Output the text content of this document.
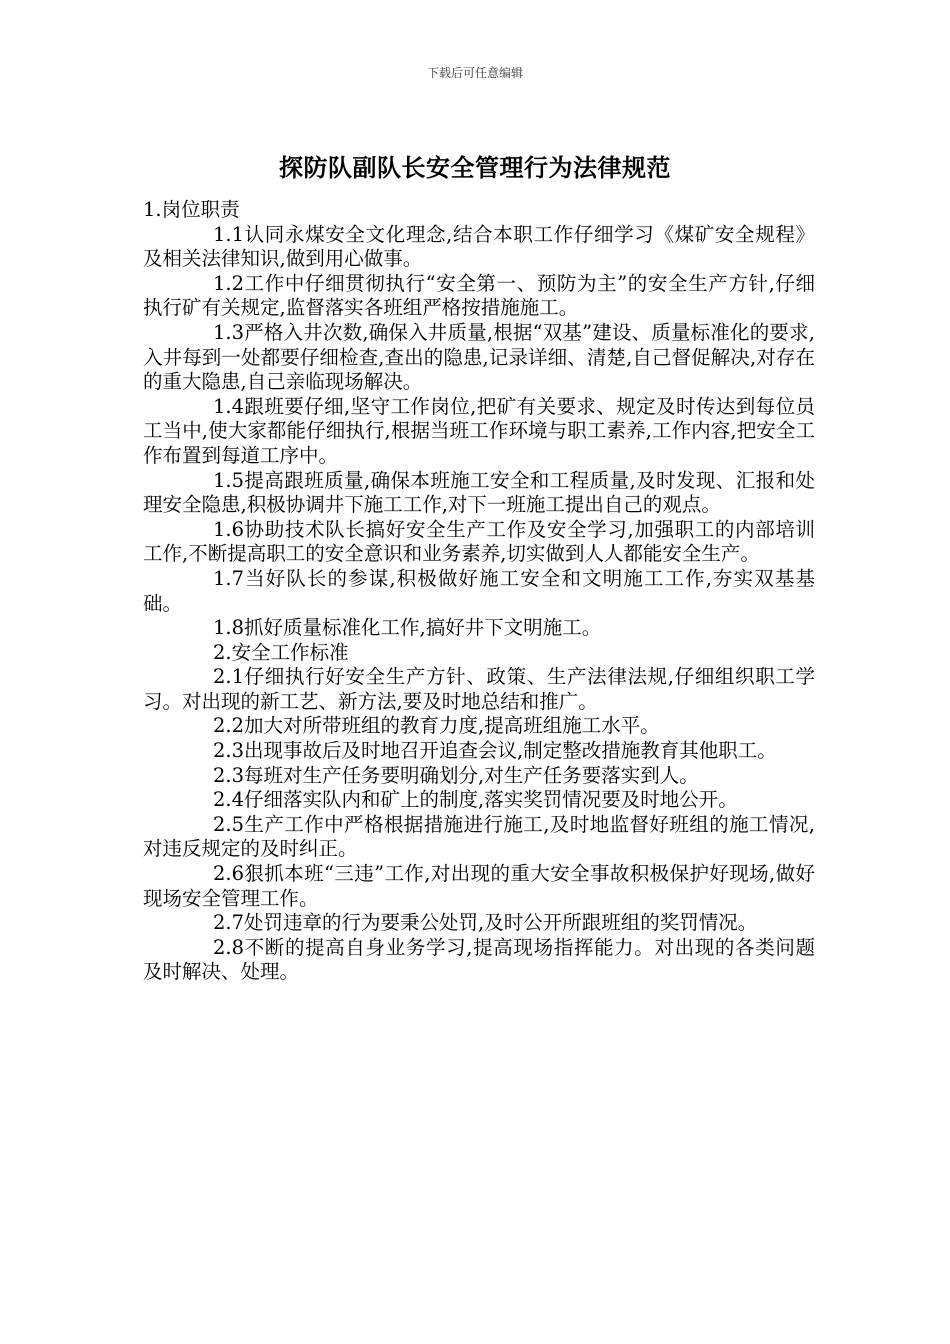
下载后可任意编辑
探防队副队长安全管理行为法律规范

1.岗位职责

1.1认同永煤安全文化理念,结合本职工作仔细学习《煤矿安全规程》及相关法律知识,做到用心做事。

1.2工作中仔细贯彻执行“安全第一、预防为主”的安全生产方针,仔细执行矿有关规定,监督落实各班组严格按措施施工。

1.3严格入井次数,确保入井质量,根据“双基”建设、质量标准化的要求,入井每到一处都要仔细检查,查出的隐患,记录详细、清楚,自己督促解决,对存在的重大隐患,自己亲临现场解决。

1.4跟班要仔细,坚守工作岗位,把矿有关要求、规定及时传达到每位员工当中,使大家都能仔细执行,根据当班工作环境与职工素养,工作内容,把安全工作布置到每道工序中。

1.5提高跟班质量,确保本班施工安全和工程质量,及时发现、汇报和处理安全隐患,积极协调井下施工工作,对下一班施工提出自己的观点。

1.6协助技术队长搞好安全生产工作及安全学习,加强职工的内部培训工作,不断提高职工的安全意识和业务素养,切实做到人人都能安全生产。

1.7当好队长的参谋,积极做好施工安全和文明施工工作,夯实双基基础。

1.8抓好质量标准化工作,搞好井下文明施工。

2.安全工作标准

2.1仔细执行好安全生产方针、政策、生产法律法规,仔细组织职工学习。对出现的新工艺、新方法,要及时地总结和推广。

2.2加大对所带班组的教育力度,提高班组施工水平。

2.3出现事故后及时地召开追查会议,制定整改措施教育其他职工。

2.3每班对生产任务要明确划分,对生产任务要落实到人。

2.4仔细落实队内和矿上的制度,落实奖罚情况要及时地公开。

2.5生产工作中严格根据措施进行施工,及时地监督好班组的施工情况,对违反规定的及时纠正。

2.6狠抓本班“三违”工作,对出现的重大安全事故积极保护好现场,做好现场安全管理工作。

2.7处罚违章的行为要秉公处罚,及时公开所跟班组的奖罚情况。

2.8不断的提高自身业务学习,提高现场指挥能力。对出现的各类问题及时解决、处理。
